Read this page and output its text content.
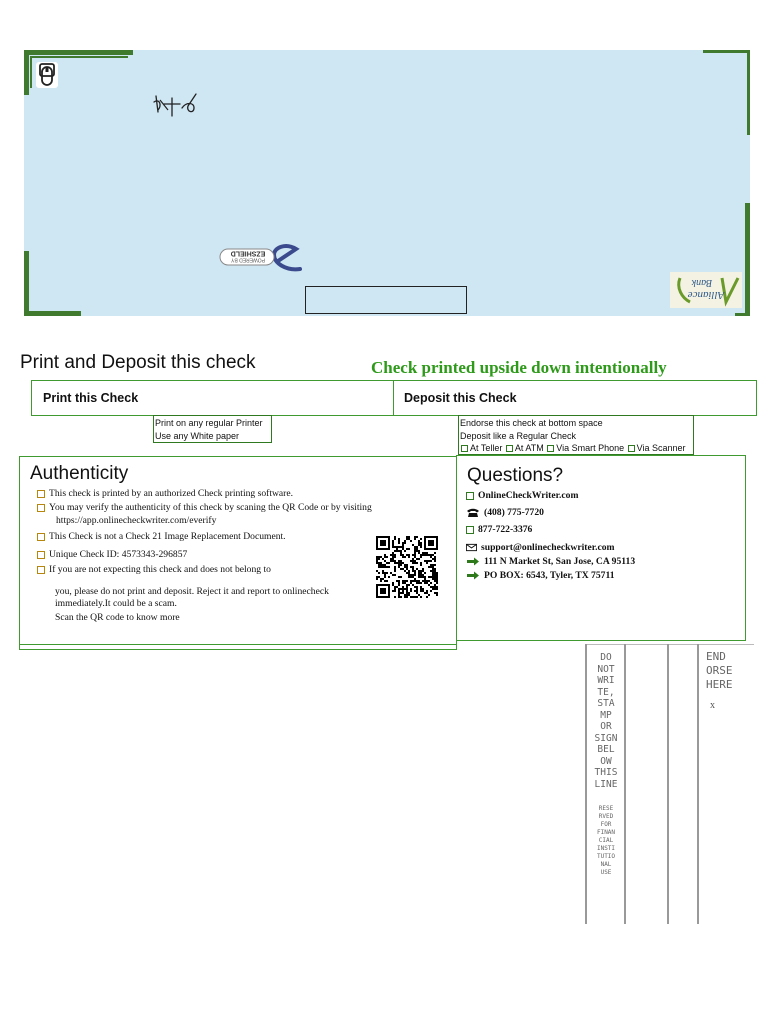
POWERED BY
EZSHIELD
Alliance
Bank
Print and Deposit this check	Check printed upside down intentionally
Print this Check	Deposit this Check
Print on any regular Printer
Use any White paper
Endorse this check at bottom space
Deposit like a Regular Check
At Teller At ATM Via Smart Phone Via Scanner
Authenticity
This check is printed by an authorized Check printing software.
You may verify the authenticity of this check by scaning the QR Code or by visiting
https://app.onlinecheckwriter.com/everify
This Check is not a Check 21 Image Replacement Document.
Unique Check ID: 4573343-296857
If you are not expecting this check and does not belong to
you, please do not print and deposit. Reject it and report to onlinecheck
immediately.It could be a scam.
Scan the QR code to know more
Questions?
OnlineCheckWriter.com
(408) 775-7720
877-722-3376
support@onlinecheckwriter.com
111 N Market St, San Jose, CA 95113
PO BOX: 6543, Tyler, TX 75711
DO
NOT
WRI
TE,
STA
MP
OR
SIGN
BEL
OW
THIS
LINE
RESE
RVED
FOR
FINAN
CIAL
INSTI
TUTIO
NAL
USE
END
ORSE
HERE
x
